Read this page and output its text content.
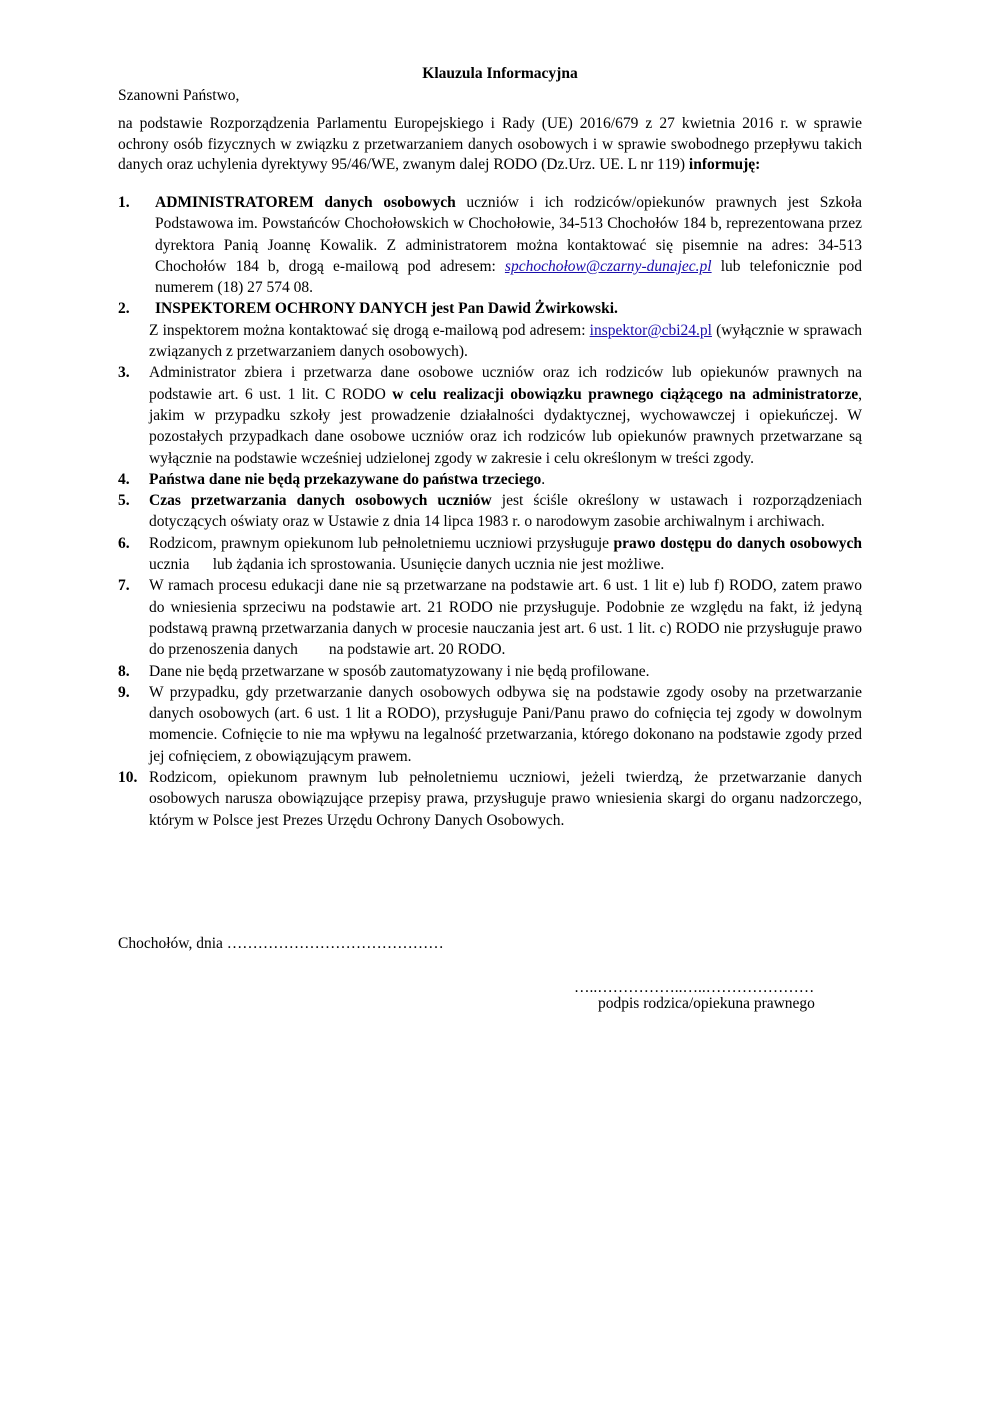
Klauzula Informacyjna
Szanowni Państwo,
na podstawie Rozporządzenia Parlamentu Europejskiego i Rady (UE) 2016/679 z 27 kwietnia 2016 r. w sprawie ochrony osób fizycznych w związku z przetwarzaniem danych osobowych i w sprawie swobodnego przepływu takich danych oraz uchylenia dyrektywy 95/46/WE, zwanym dalej RODO (Dz.Urz. UE. L nr 119) informuję:
1.	ADMINISTRATOREM danych osobowych uczniów i ich rodziców/opiekunów prawnych jest Szkoła Podstawowa im. Powstańców Chochołowskich w Chochołowie, 34-513 Chochołów 184 b, reprezentowana przez dyrektora Panią Joannę Kowalik. Z administratorem można kontaktować się pisemnie na adres: 34-513 Chochołów 184 b, drogą e-mailową pod adresem: spchochołow@czarny-dunajec.pl lub telefonicznie pod numerem (18) 27 574 08.
2.	INSPEKTOREM OCHRONY DANYCH jest Pan Dawid Żwirkowski.
Z inspektorem można kontaktować się drogą e-mailową pod adresem: inspektor@cbi24.pl (wyłącznie w sprawach związanych z przetwarzaniem danych osobowych).
3.	Administrator zbiera i przetwarza dane osobowe uczniów oraz ich rodziców lub opiekunów prawnych na podstawie art. 6 ust. 1 lit. C RODO w celu realizacji obowiązku prawnego ciążącego na administratorze, jakim w przypadku szkoły jest prowadzenie działalności dydaktycznej, wychowawczej i opiekuńczej. W pozostałych przypadkach dane osobowe uczniów oraz ich rodziców lub opiekunów prawnych przetwarzane są wyłącznie na podstawie wcześniej udzielonej zgody w zakresie i celu określonym w treści zgody.
4.	Państwa dane nie będą przekazywane do państwa trzeciego.
5.	Czas przetwarzania danych osobowych uczniów jest ściśle określony w ustawach i rozporządzeniach dotyczących oświaty oraz w Ustawie z dnia 14 lipca 1983 r. o narodowym zasobie archiwalnym i archiwach.
6.	Rodzicom, prawnym opiekunom lub pełnoletniemu uczniowi przysługuje prawo dostępu do danych osobowych ucznia      lub żądania ich sprostowania. Usunięcie danych ucznia nie jest możliwe.
7.	W ramach procesu edukacji dane nie są przetwarzane na podstawie art. 6 ust. 1 lit e) lub f) RODO, zatem prawo do wniesienia sprzeciwu na podstawie art. 21 RODO nie przysługuje. Podobnie ze względu na fakt, iż jedyną podstawą prawną przetwarzania danych w procesie nauczania jest art. 6 ust. 1 lit. c) RODO nie przysługuje prawo do przenoszenia danych        na podstawie art. 20 RODO.
8.	Dane nie będą przetwarzane w sposób zautomatyzowany i nie będą profilowane.
9.	W przypadku, gdy przetwarzanie danych osobowych odbywa się na podstawie zgody osoby na przetwarzanie danych osobowych (art. 6 ust. 1 lit a RODO), przysługuje Pani/Panu prawo do cofnięcia tej zgody w dowolnym momencie. Cofnięcie to nie ma wpływu na legalność przetwarzania, którego dokonano na podstawie zgody przed jej cofnięciem, z obowiązującym prawem.
10. Rodzicom, opiekunom prawnym lub pełnoletniemu uczniowi, jeżeli twierdzą, że przetwarzanie danych osobowych narusza obowiązujące przepisy prawa, przysługuje prawo wniesienia skargi do organu nadzorczego, którym w Polsce jest Prezes Urzędu Ochrony Danych Osobowych.
Chochołów, dnia ……………………………………
…..……………..…..…………………
podpis rodzica/opiekuna prawnego
